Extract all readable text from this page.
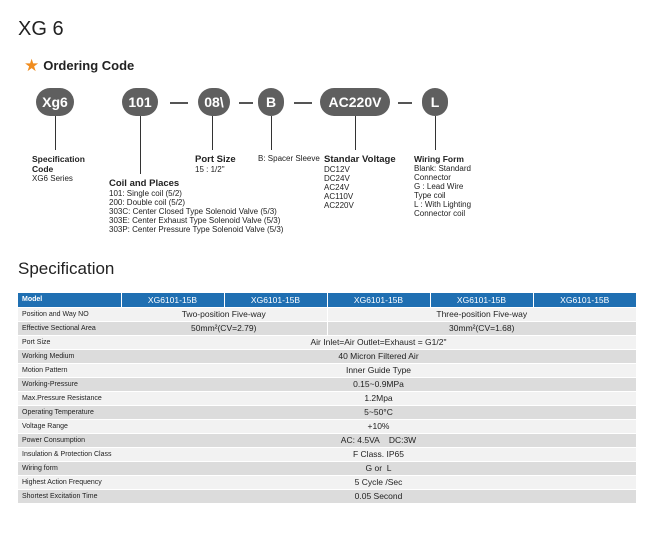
XG 6
★ Ordering Code
Xg6	101	08\	B	AC220V	L
Specification Code
XG6 Series	Coil and Places
101: Single coil (5/2)
200: Double coil (5/2)
303C: Center Closed Type Solenoid Valve (5/3)
303E: Center Exhaust Type Solenoid Valve (5/3)
303P: Center Pressure Type Solenoid Valve (5/3)
Port Size
15 : 1/2"
B: Spacer Sleeve Standar Voltage
DC12V
DC24V
AC24V
AC110V
AC220V
Wiring Form
Blank: Standard
Connector
G : Lead Wire
Type coil
L : With Lighting
Connector coil
Specification
Model	XG6101-15B	XG6101-15B	XG6101-15B	XG6101-15B	XG6101-15B
Position and Way NO	Two-position Five-way		Three-position Five-way		
Effective Sectional Area	50mm²(CV=2.79)		30mm²(CV=1.68)		
Port Size	Air Inlet=Air Outlet=Exhaust = G1/2"				
Working Medium	40 Micron Filtered Air				
Motion Pattern	Inner Guide Type				
Working-Pressure	0.15~0.9MPa				
Max.Pressure Resistance	1.2Mpa				
Operating Temperature	5~50°C				
Voltage Range	+10%				
Power Consumption	AC: 4.5VA    DC:3W				
Insulation & Protection Class	F Class. IP65				
Wiring form	G or  L				
Highest Action Frequency	5 Cycle /Sec				
Shortest Excitation Time	0.05 Second				
